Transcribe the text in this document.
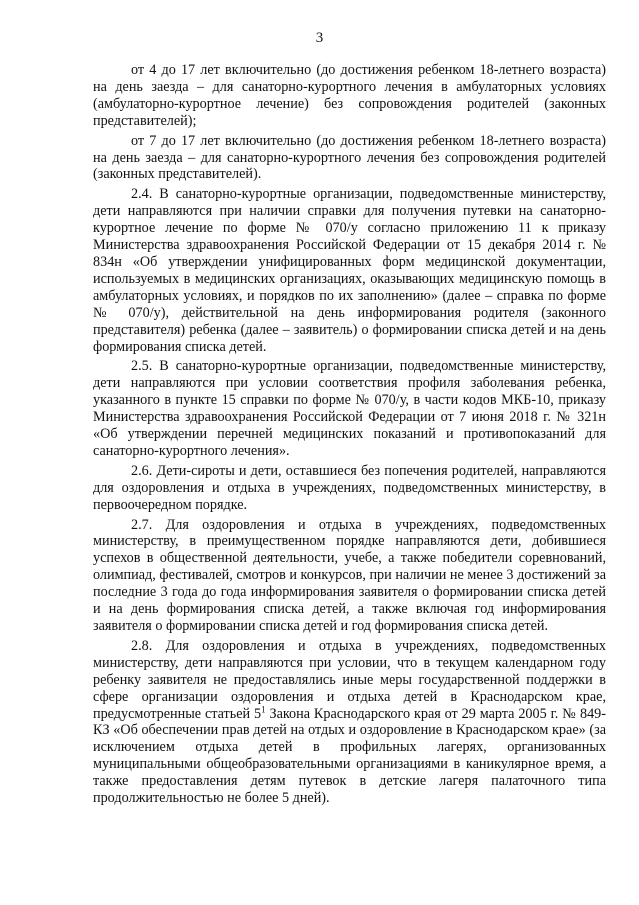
3

от 4 до 17 лет включительно (до достижения ребенком 18-летнего возраста) на день заезда – для санаторно-курортного лечения в амбулаторных условиях (амбулаторно-курортное лечение) без сопровождения родителей (законных представителей);

от 7 до 17 лет включительно (до достижения ребенком 18-летнего возраста) на день заезда – для санаторно-курортного лечения без сопровождения родителей (законных представителей).

2.4. В санаторно-курортные организации, подведомственные министерству, дети направляются при наличии справки для получения путевки на санаторно-курортное лечение по форме № 070/у согласно приложению 11 к приказу Министерства здравоохранения Российской Федерации от 15 декабря 2014 г. № 834н «Об утверждении унифицированных форм медицинской документации, используемых в медицинских организациях, оказывающих медицинскую помощь в амбулаторных условиях, и порядков по их заполнению» (далее – справка по форме № 070/у), действительной на день информирования родителя (законного представителя) ребенка (далее – заявитель) о формировании списка детей и на день формирования списка детей.

2.5. В санаторно-курортные организации, подведомственные министерству, дети направляются при условии соответствия профиля заболевания ребенка, указанного в пункте 15 справки по форме № 070/у, в части кодов МКБ-10, приказу Министерства здравоохранения Российской Федерации от 7 июня 2018 г. № 321н «Об утверждении перечней медицинских показаний и противопоказаний для санаторно-курортного лечения».

2.6. Дети-сироты и дети, оставшиеся без попечения родителей, направляются для оздоровления и отдыха в учреждениях, подведомственных министерству, в первоочередном порядке.

2.7. Для оздоровления и отдыха в учреждениях, подведомственных министерству, в преимущественном порядке направляются дети, добившиеся успехов в общественной деятельности, учебе, а также победители соревнований, олимпиад, фестивалей, смотров и конкурсов, при наличии не менее 3 достижений за последние 3 года до года информирования заявителя о формировании списка детей и на день формирования списка детей, а также включая год информирования заявителя о формировании списка детей и год формирования списка детей.

2.8. Для оздоровления и отдыха в учреждениях, подведомственных министерству, дети направляются при условии, что в текущем календарном году ребенку заявителя не предоставлялись иные меры государственной поддержки в сфере организации оздоровления и отдыха детей в Краснодарском крае, предусмотренные статьей $5^1$ Закона Краснодарского края от 29 марта 2005 г. № 849-КЗ «Об обеспечении прав детей на отдых и оздоровление в Краснодарском крае» (за исключением отдыха детей в профильных лагерях, организованных муниципальными общеобразовательными организациями в каникулярное время, а также предоставления детям путевок в детские лагеря палаточного типа продолжительностью не более 5 дней).
